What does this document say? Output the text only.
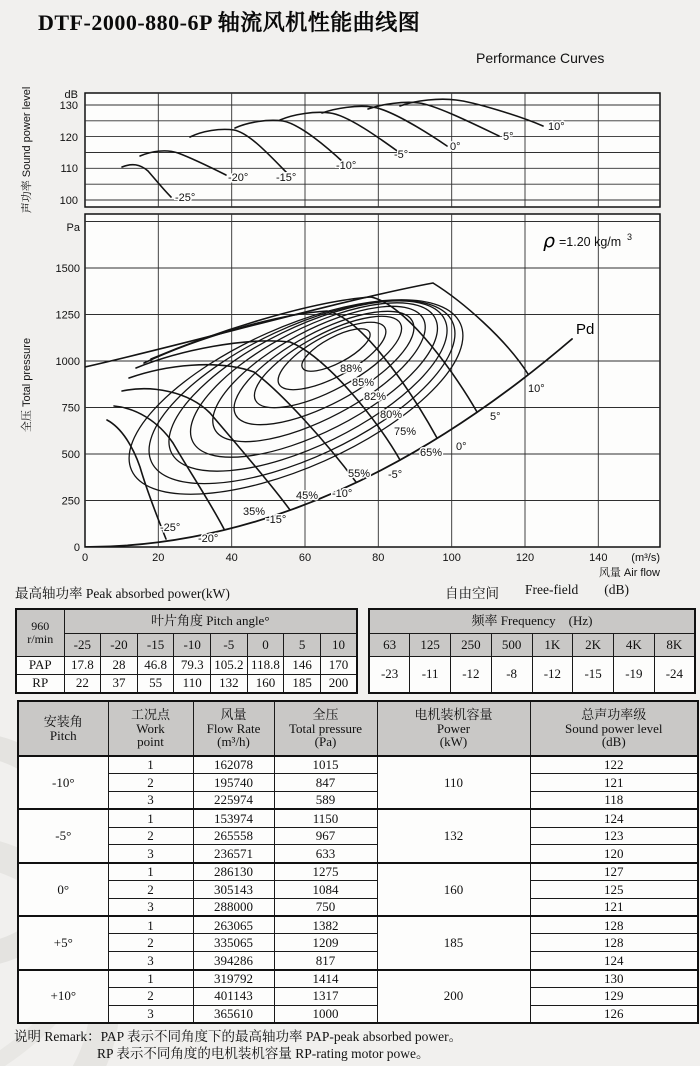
DTF-2000-880-6P 轴流风机性能曲线图
Performance Curves
-25°
-20°	-15°
-10°
-5°
0°
5°
10°
dB
130
120
110
100
声功率 Sound power level
88%
85%
82%
80%
75%
65%
55%
45%
35%
-25°
-20°
-15°
-10°
-5°
0°
5°
10°
Pd
ρ =1.20 kg/m 3
Pa
1500
1250
1000
750
500
250
0
全压 Total pressure
0	20	40	60	80	100	120	140 (m³/s)
风量 Air flow
最高轴功率 Peak absorbed power(kW)	自由空间 Free-field (dB)
960
r/min	叶片角度 Pitch angle°							
	-25	-20	-15	-10	-5	0	5	10
PAP	17.8	28	46.8	79.3	105.2	118.8	146	170
RP	22	37	55	110	132	160	185	200
频率 Frequency　(Hz)							
63	125	250	500	1K	2K	4K	8K
-23	-11	-12	-8	-12	-15	-19	-24
安装角
Pitch

工况点
Work
point

风量
Flow Rate
(m³/h)

全压
Total pressure
(Pa)

电机装机容量
Power
(kW)

总声功率级
Sound power level
(dB)

-10°	1	162078	1015	110	122
	2	195740	847		121
	3	225974	589		118
-5°	1	153974	1150	132	124
	2	265558	967		123
	3	236571	633		120
0°	1	286130	1275	160	127
	2	305143	1084		125
	3	288000	750		121
+5°	1	263065	1382	185	128
	2	335065	1209		128
	3	394286	817		124
+10°	1	319792	1414	200	130
	2	401143	1317		129
	3	365610	1000		126
说明 Remark：PAP 表示不同角度下的最高轴功率 PAP-peak absorbed power。
RP 表示不同角度的电机装机容量 RP-rating motor powe。
